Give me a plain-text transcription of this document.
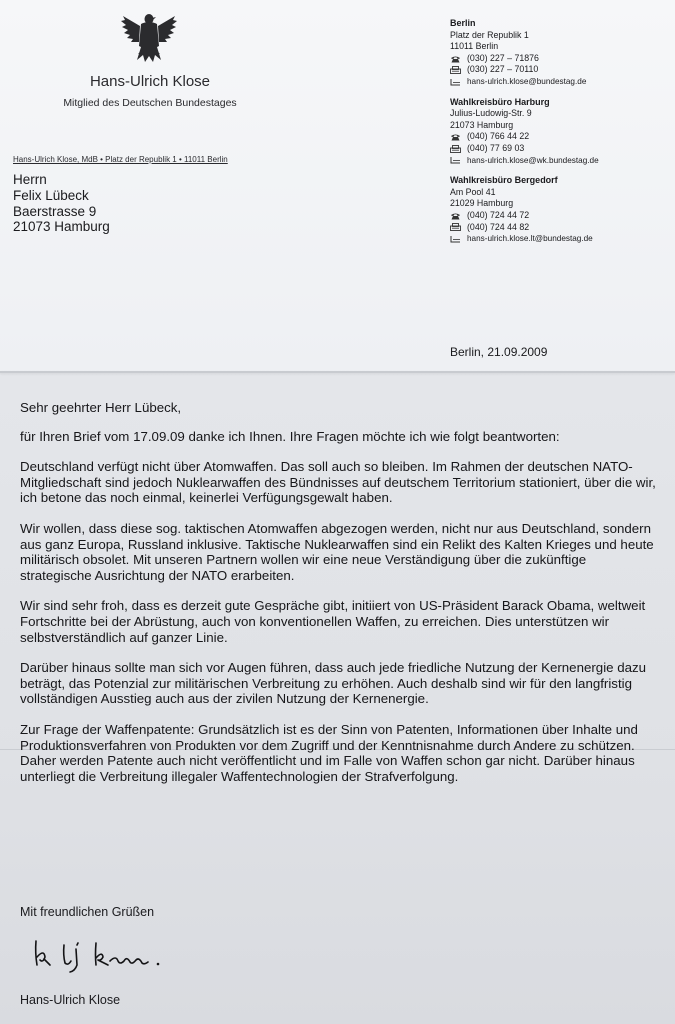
Hans-Ulrich Klose
Mitglied des Deutschen Bundestages
Hans-Ulrich Klose, MdB • Platz der Republik 1 • 11011 Berlin
Herrn
Felix Lübeck
Baerstrasse 9
21073 Hamburg
Berlin
Platz der Republik 1
11011 Berlin
(030) 227 – 71876
(030) 227 – 70110
hans-ulrich.klose@bundestag.de
Wahlkreisbüro Harburg
Julius-Ludowig-Str. 9
21073 Hamburg
(040) 766 44 22
(040) 77 69 03
hans-ulrich.klose@wk.bundestag.de
Wahlkreisbüro Bergedorf
Am Pool 41
21029 Hamburg
(040) 724 44 72
(040) 724 44 82
hans-ulrich.klose.lt@bundestag.de
Berlin, 21.09.2009

Sehr geehrter Herr Lübeck,

für Ihren Brief vom 17.09.09 danke ich Ihnen. Ihre Fragen möchte ich wie folgt beantworten:

Deutschland verfügt nicht über Atomwaffen. Das soll auch so bleiben. Im Rahmen der deutschen NATO-Mitgliedschaft sind jedoch Nuklearwaffen des Bündnisses auf deutschem Territorium stationiert, über die wir, ich betone das noch einmal, keinerlei Verfügungsgewalt haben.

Wir wollen, dass diese sog. taktischen Atomwaffen abgezogen werden, nicht nur aus Deutschland, sondern aus ganz Europa, Russland inklusive. Taktische Nuklearwaffen sind ein Relikt des Kalten Krieges und heute militärisch obsolet. Mit unseren Partnern wollen wir eine neue Verständigung über die zukünftige strategische Ausrichtung der NATO erarbeiten.

Wir sind sehr froh, dass es derzeit gute Gespräche gibt, initiiert von US-Präsident Barack Obama, weltweit Fortschritte bei der Abrüstung, auch von konventionellen Waffen, zu erreichen. Dies unterstützen wir selbstverständlich auf ganzer Linie.

Darüber hinaus sollte man sich vor Augen führen, dass auch jede friedliche Nutzung der Kernenergie dazu beträgt, das Potenzial zur militärischen Verbreitung zu erhöhen. Auch deshalb sind wir für den langfristig vollständigen Ausstieg auch aus der zivilen Nutzung der Kernenergie.

Zur Frage der Waffenpatente: Grundsätzlich ist es der Sinn von Patenten, Informationen über Inhalte und Produktionsverfahren von Produkten vor dem Zugriff und der Kenntnisnahme durch Andere zu schützen. Daher werden Patente auch nicht veröffentlicht und im Falle von Waffen schon gar nicht. Darüber hinaus unterliegt die Verbreitung illegaler Waffentechnologien der Strafverfolgung.

Mit freundlichen Grüßen
Hans-Ulrich Klose
